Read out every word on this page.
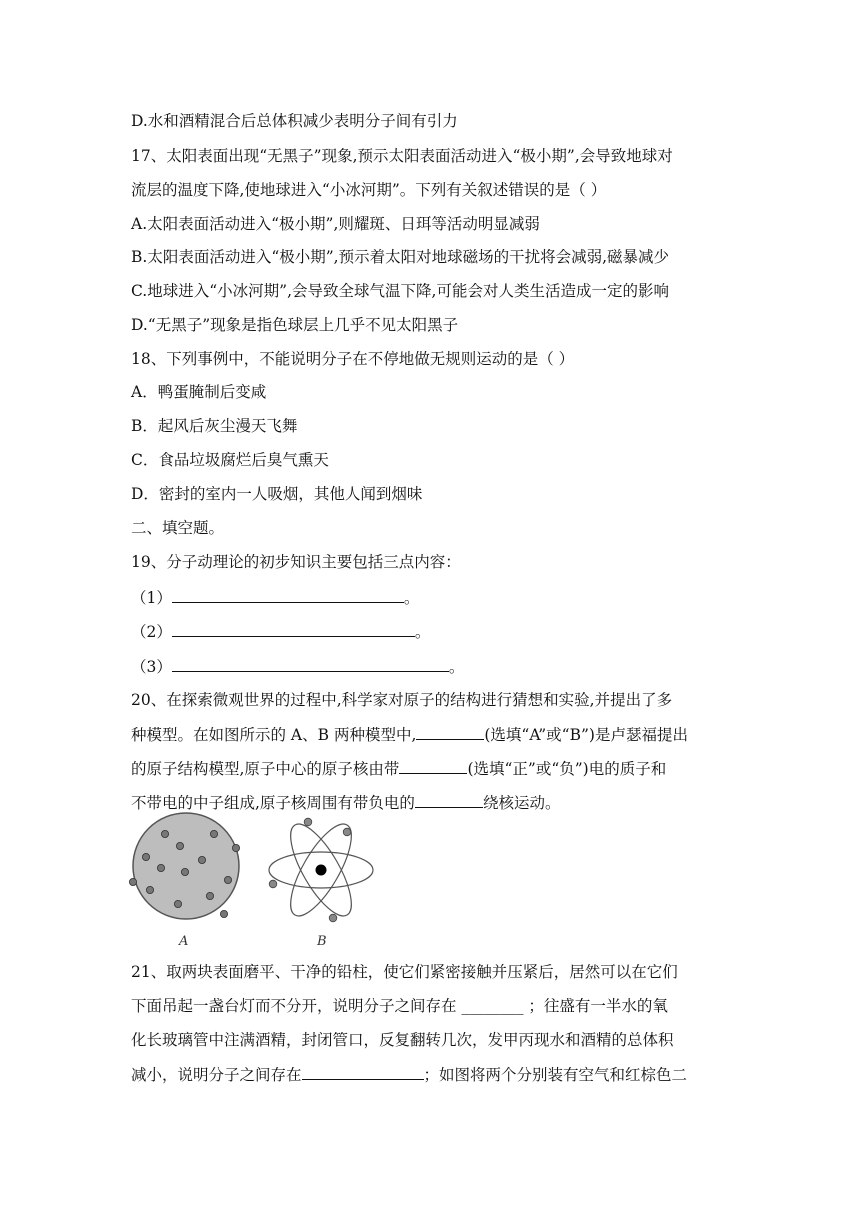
D.水和酒精混合后总体积减少表明分子间有引力
17、太阳表面出现“无黑子”现象,预示太阳表面活动进入“极小期”,会导致地球对
流层的温度下降,使地球进入“小冰河期”。下列有关叙述错误的是（ ）
A.太阳表面活动进入“极小期”,则耀斑、日珥等活动明显减弱
B.太阳表面活动进入“极小期”,预示着太阳对地球磁场的干扰将会减弱,磁暴减少
C.地球进入“小冰河期”,会导致全球气温下降,可能会对人类生活造成一定的影响
D.“无黑子”现象是指色球层上几乎不见太阳黑子
18、下列事例中，不能说明分子在不停地做无规则运动的是（ ）
A．鸭蛋腌制后变咸
B．起风后灰尘漫天飞舞
C．食品垃圾腐烂后臭气熏天
D．密封的室内一人吸烟，其他人闻到烟味
二、填空题。
19、分子动理论的初步知识主要包括三点内容：
（1）	。
（2）	。
（3）	。
20、在探索微观世界的过程中,科学家对原子的结构进行猜想和实验,并提出了多
种模型。在如图所示的 A、B 两种模型中,	(选填“A”或“B”)是卢瑟福提出
的原子结构模型,原子中心的原子核由带	(选填“正”或“负”)电的质子和
不带电的中子组成,原子核周围有带负电的	绕核运动。
A	B
21、取两块表面磨平、干净的铅柱，使它们紧密接触并压紧后，居然可以在它们
下面吊起一盏台灯而不分开，说明分子之间存在 ________ ；往盛有一半水的氧
化长玻璃管中注满酒精，封闭管口，反复翻转几次，发甲丙现水和酒精的总体积
减小，说明分子之间存在	；如图将两个分别装有空气和红棕色二
